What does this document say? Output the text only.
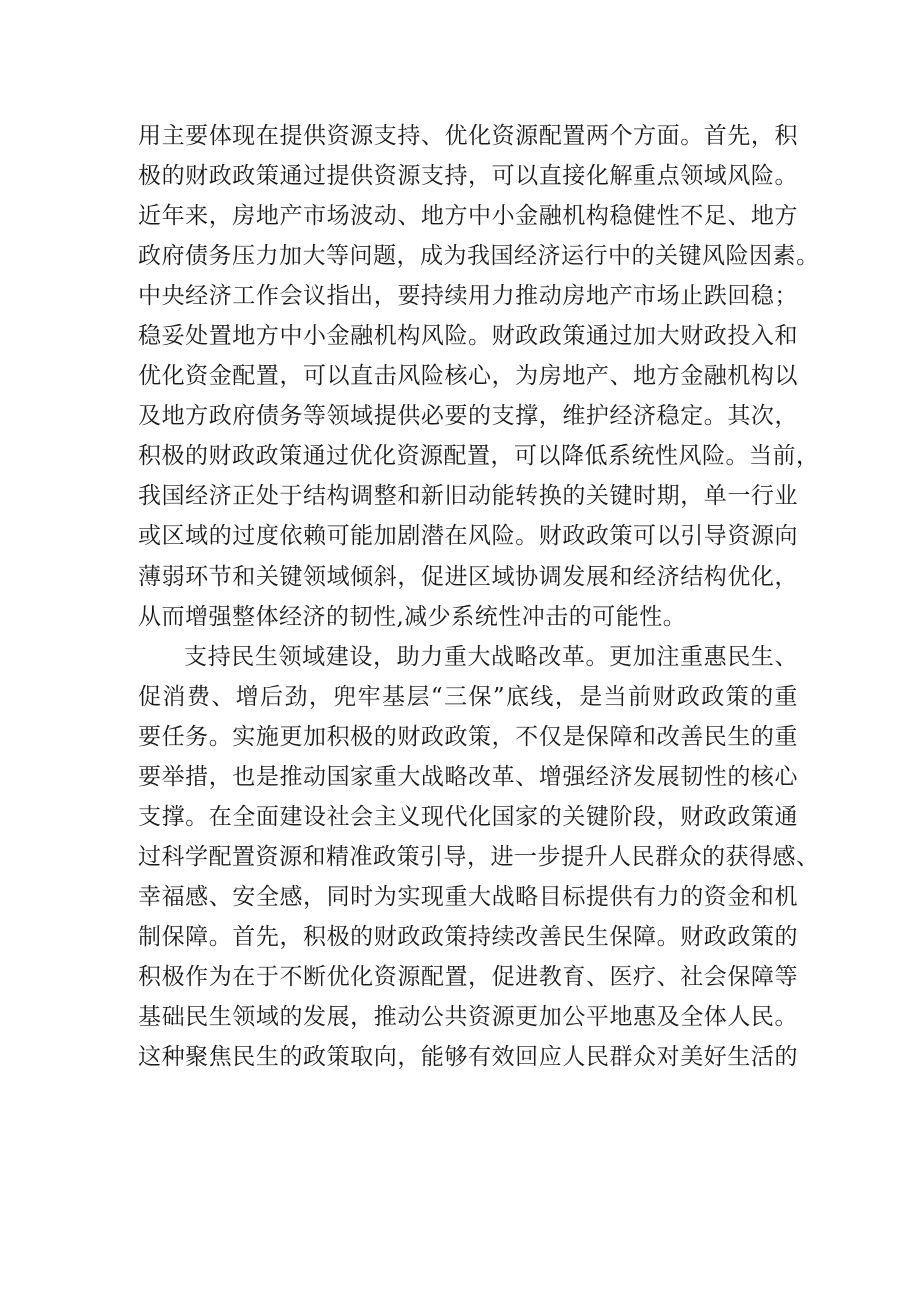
用主要体现在提供资源支持、优化资源配置两个方面。首先，积
极的财政政策通过提供资源支持，可以直接化解重点领域风险。
近年来，房地产市场波动、地方中小金融机构稳健性不足、地方
政府债务压力加大等问题，成为我国经济运行中的关键风险因素。
中央经济工作会议指出，要持续用力推动房地产市场止跌回稳；
稳妥处置地方中小金融机构风险。财政政策通过加大财政投入和
优化资金配置，可以直击风险核心，为房地产、地方金融机构以
及地方政府债务等领域提供必要的支撑，维护经济稳定。其次，
积极的财政政策通过优化资源配置，可以降低系统性风险。当前，
我国经济正处于结构调整和新旧动能转换的关键时期，单一行业
或区域的过度依赖可能加剧潜在风险。财政政策可以引导资源向
薄弱环节和关键领域倾斜，促进区域协调发展和经济结构优化，
从而增强整体经济的韧性,减少系统性冲击的可能性。
支持民生领域建设，助力重大战略改革。更加注重惠民生、
促消费、增后劲，兜牢基层“三保”底线，是当前财政政策的重
要任务。实施更加积极的财政政策，不仅是保障和改善民生的重
要举措，也是推动国家重大战略改革、增强经济发展韧性的核心
支撑。在全面建设社会主义现代化国家的关键阶段，财政政策通
过科学配置资源和精准政策引导，进一步提升人民群众的获得感、
幸福感、安全感，同时为实现重大战略目标提供有力的资金和机
制保障。首先，积极的财政政策持续改善民生保障。财政政策的
积极作为在于不断优化资源配置，促进教育、医疗、社会保障等
基础民生领域的发展，推动公共资源更加公平地惠及全体人民。
这种聚焦民生的政策取向，能够有效回应人民群众对美好生活的
